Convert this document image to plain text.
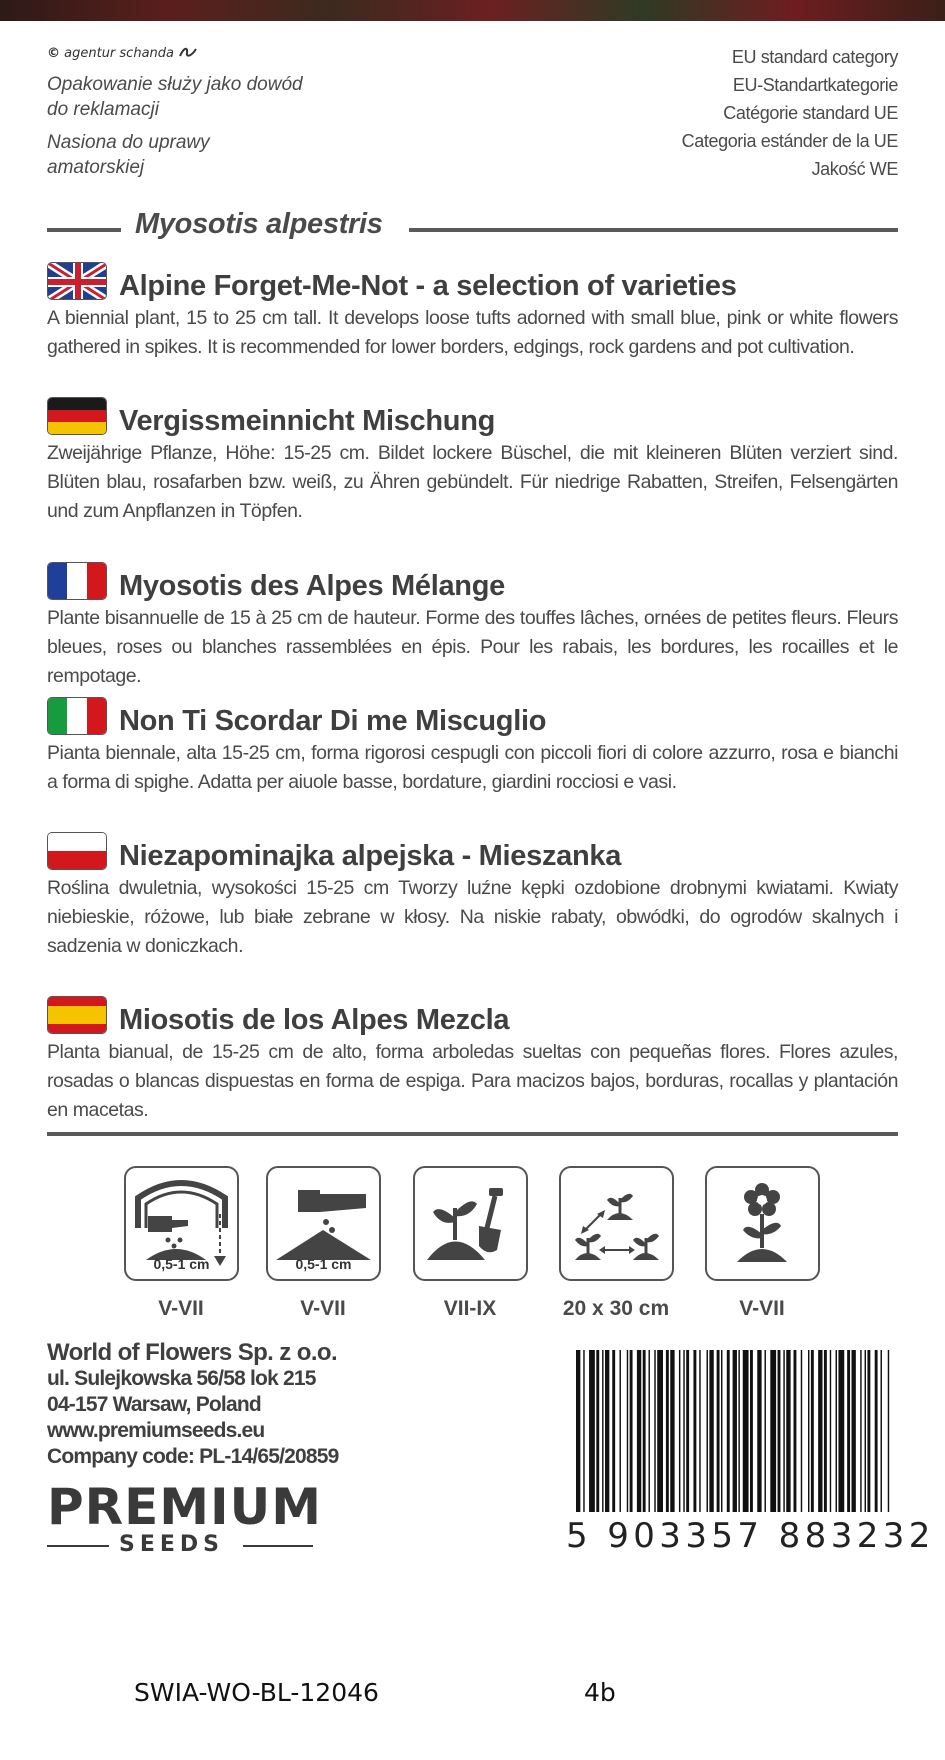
© agentur schanda
Opakowanie służy jako dowód do reklamacji
Nasiona do uprawy amatorskiej
EU standard category
EU-Standartkategorie
Catégorie standard UE
Categoria estánder de la UE
Jakość WE
Myosotis alpestris
Alpine Forget-Me-Not - a selection of varieties
A biennial plant, 15 to 25 cm tall. It develops loose tufts adorned with small blue, pink or white flowers gathered in spikes. It is recommended for lower borders, edgings, rock gardens and pot cultivation.
Vergissmeinnicht Mischung
Zweijährige Pflanze, Höhe: 15-25 cm. Bildet lockere Büschel, die mit kleineren Blüten verziert sind. Blüten blau, rosafarben bzw. weiß, zu Ähren gebündelt. Für niedrige Rabatten, Streifen, Felsengärten und zum Anpflanzen in Töpfen.
Myosotis des Alpes Mélange
Plante bisannuelle de 15 à 25 cm de hauteur. Forme des touffes lâches, ornées de petites fleurs. Fleurs bleues, roses ou blanches rassemblées en épis. Pour les rabais, les bordures, les rocailles et le rempotage.
Non Ti Scordar Di me Miscuglio
Pianta biennale, alta 15-25 cm, forma rigorosi cespugli con piccoli fiori di colore azzurro, rosa e bianchi a forma di spighe. Adatta per aiuole basse, bordature, giardini rocciosi e vasi.
Niezapominajka alpejska - Mieszanka
Roślina dwuletnia, wysokości 15-25 cm Tworzy luźne kępki ozdobione drobnymi kwiatami. Kwiaty niebieskie, różowe, lub białe zebrane w kłosy. Na niskie rabaty, obwódki, do ogrodów skalnych i sadzenia w doniczkach.
Miosotis de los Alpes Mezcla
Planta bianual, de 15-25 cm de alto, forma arboledas sueltas con pequeñas flores. Flores azules, rosadas o blancas dispuestas en forma de espiga. Para macizos bajos, borduras, rocallas y plantación en macetas.
0,5-1 cm
V-VII
0,5-1 cm
V-VII	VII-IX	20 x 30 cm	V-VII
World of Flowers Sp. z o.o.
ul. Sulejkowska 56/58 lok 215
04-157 Warsaw, Poland
www.premiumseeds.eu
Company code: PL-14/65/20859
PREMIUM
SEEDS	5 903357 883232
SWIA-WO-BL-12046	4b
